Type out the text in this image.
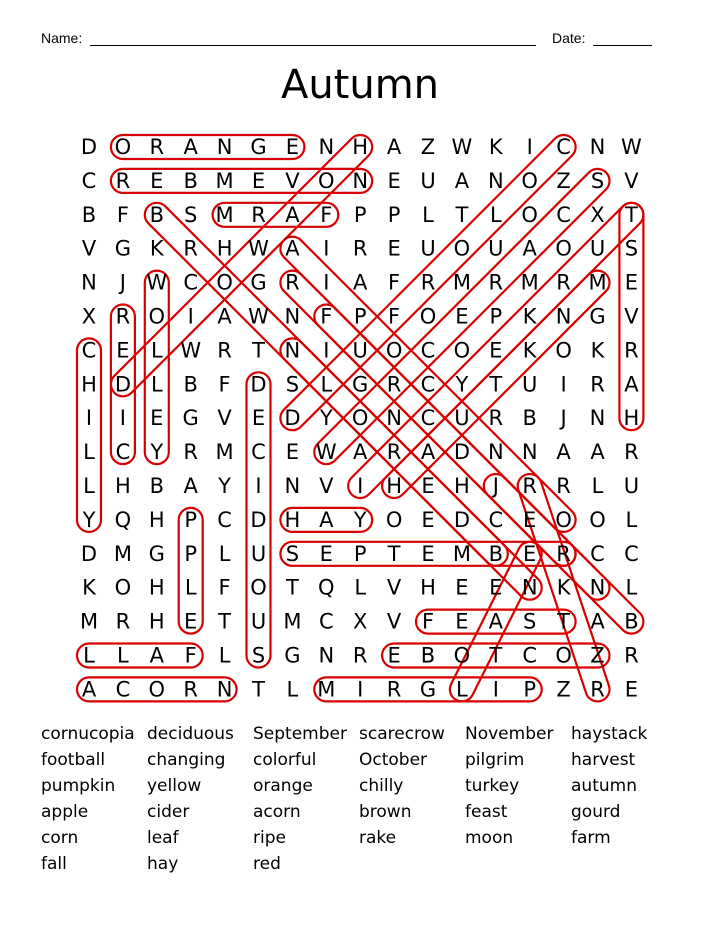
Name:	Date:
Autumn
D O R A N G E N H A Z W K I C N W
C R E B M E V O N E U A N O Z S V
B F B S M R A F P P L T L O C X T
V G K R H W A I R E U O U A O U S
N J W C O G R I A F R M R M R M E
X R O I A W N F P F O E P K N G V
C E L W R T N I U O C O E K O K R
H D L B F D S L G R C Y T U I R A
I I E G V E D Y O N C U R B J N H
L C Y R M C E W A R A D N N A A R
L H B A Y I N V I H E H J R R L U
Y Q H P C D H A Y O E D C E O O L
D M G P L U S E P T E M B E R C C
K O H L F O T Q L V H E E N K N L
M R H E T U M C X V F E A S T A B
L L A F L S G N R E B O T C O Z R
A C O R N T L M I R G L I P Z R E
cornucopia
football
pumpkin
apple
corn
fall
deciduous
changing
yellow
cider
leaf
hay
September
colorful
orange
acorn
ripe
red
scarecrow
October
chilly
brown
rake
November
pilgrim
turkey
feast
moon
haystack
harvest
autumn
gourd
farm
